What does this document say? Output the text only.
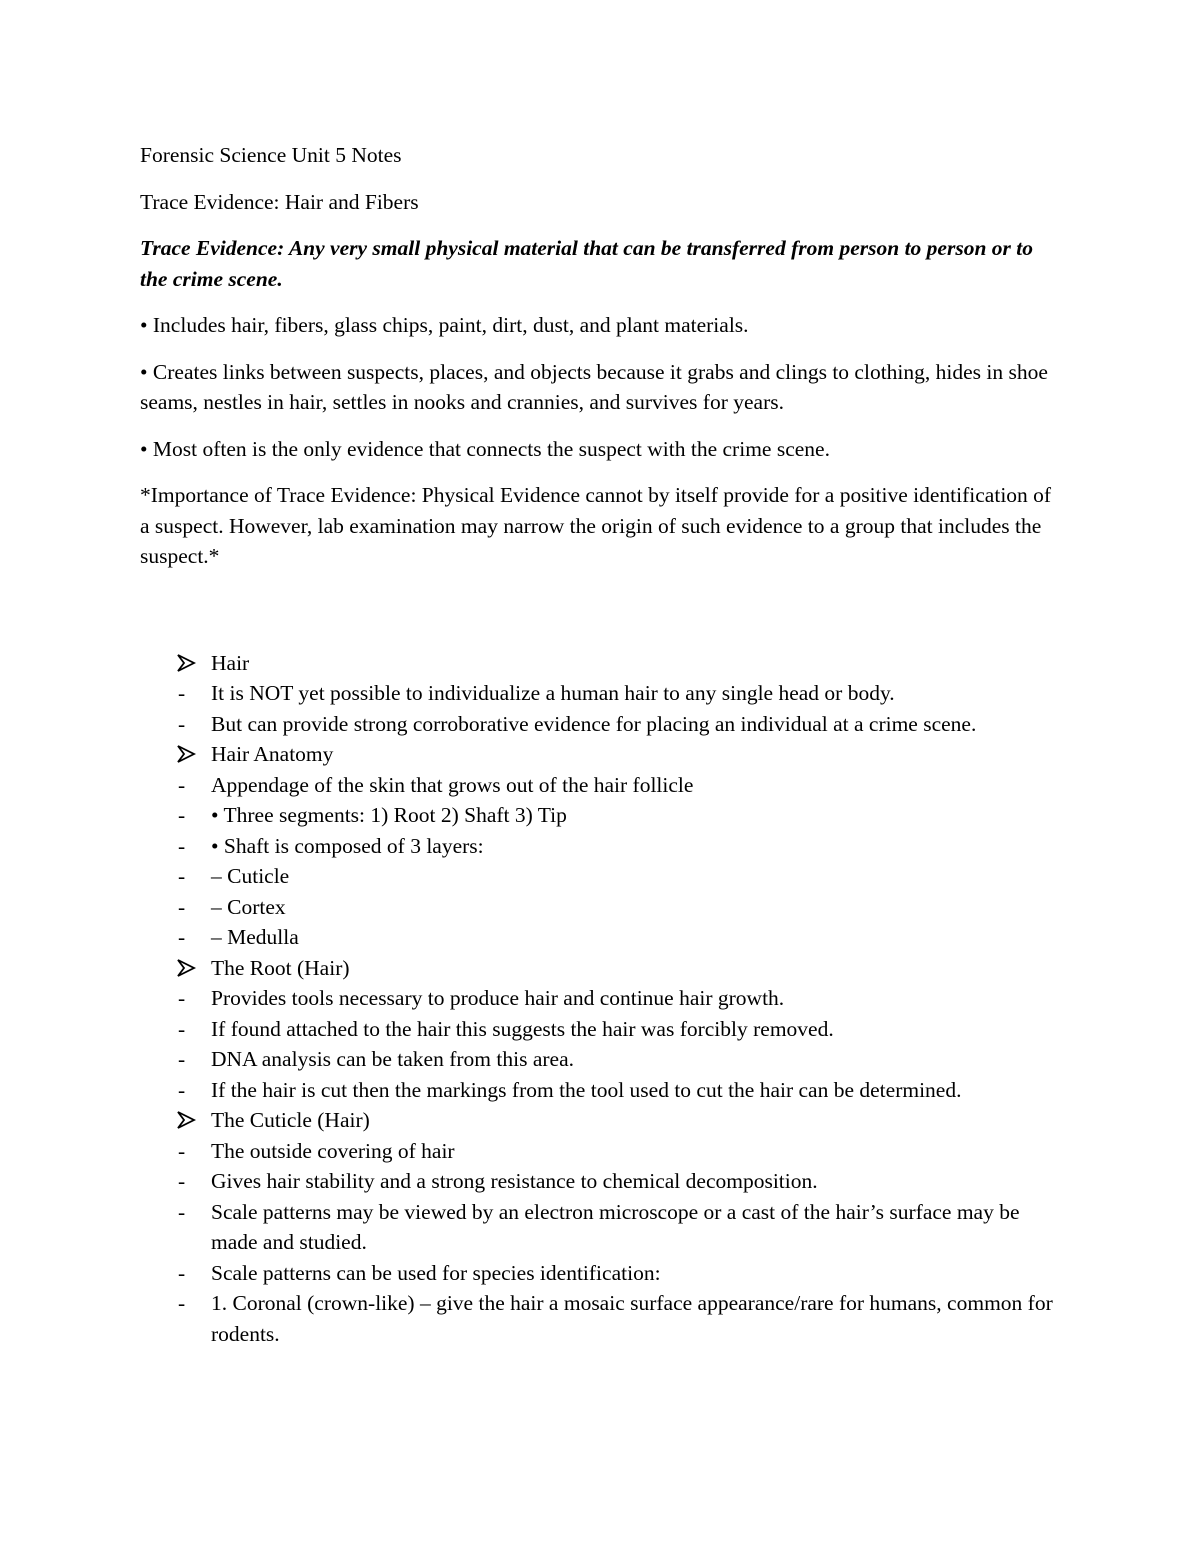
Forensic Science Unit 5 Notes

Trace Evidence: Hair and Fibers

Trace Evidence: Any very small physical material that can be transferred from person to person or to the crime scene.

• Includes hair, fibers, glass chips, paint, dirt, dust, and plant materials.

• Creates links between suspects, places, and objects because it grabs and clings to clothing, hides in shoe seams, nestles in hair, settles in nooks and crannies, and survives for years.

• Most often is the only evidence that connects the suspect with the crime scene.

*Importance of Trace Evidence: Physical Evidence cannot by itself provide for a positive identification of a suspect. However, lab examination may narrow the origin of such evidence to a group that includes the suspect.*

Hair
- It is NOT yet possible to individualize a human hair to any single head or body.
- But can provide strong corroborative evidence for placing an individual at a crime scene.
Hair Anatomy
- Appendage of the skin that grows out of the hair follicle
- • Three segments: 1) Root 2) Shaft 3) Tip
- • Shaft is composed of 3 layers:
- – Cuticle
- – Cortex
- – Medulla
The Root (Hair)
- Provides tools necessary to produce hair and continue hair growth.
- If found attached to the hair this suggests the hair was forcibly removed.
- DNA analysis can be taken from this area.
- If the hair is cut then the markings from the tool used to cut the hair can be determined.
The Cuticle (Hair)
- The outside covering of hair
- Gives hair stability and a strong resistance to chemical decomposition.
- Scale patterns may be viewed by an electron microscope or a cast of the hair’s surface may be made and studied.
- Scale patterns can be used for species identification:
- 1. Coronal (crown-like) – give the hair a mosaic surface appearance/rare for humans, common for rodents.
